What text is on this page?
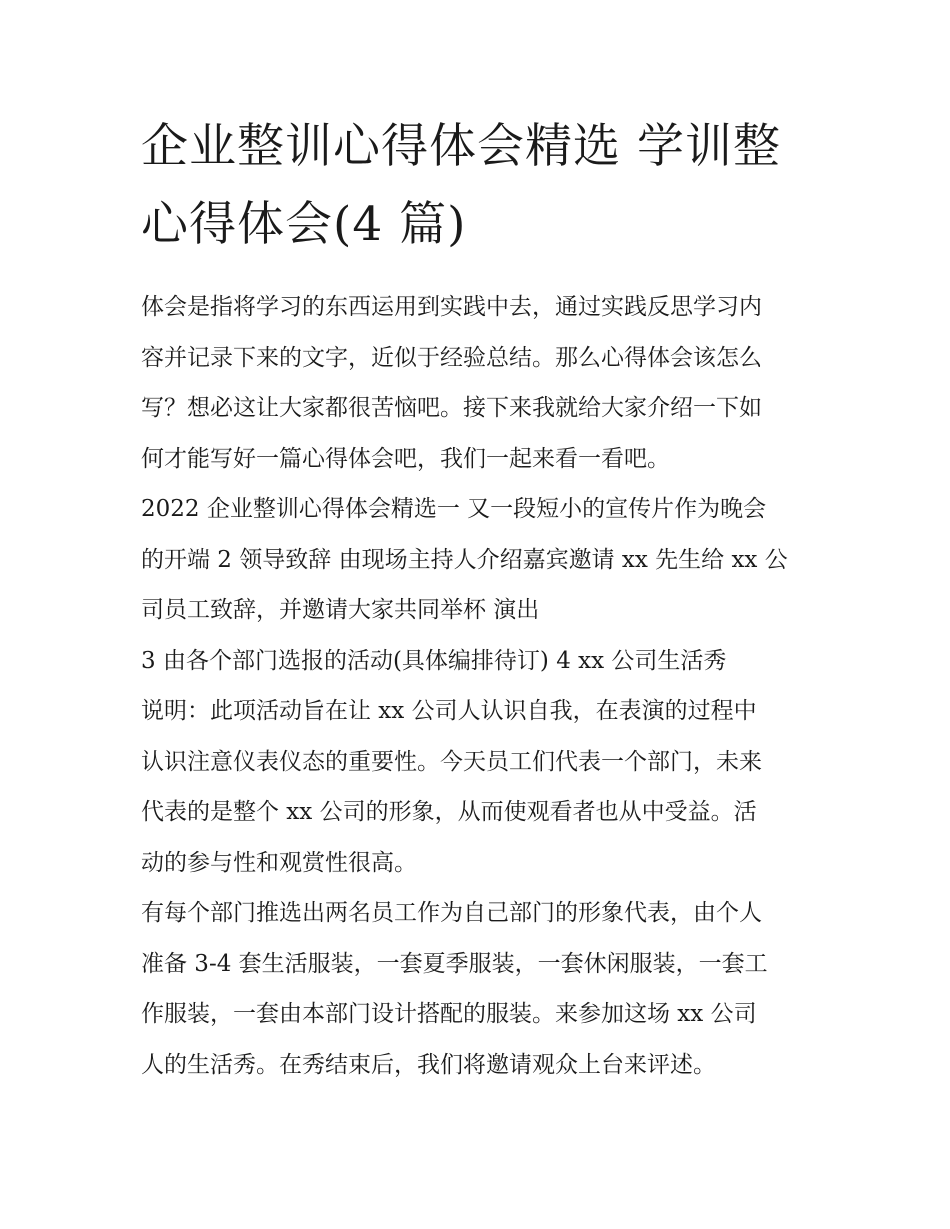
企业整训心得体会精选 学训整
心得体会(4 篇)

体会是指将学习的东西运用到实践中去，通过实践反思学习内
容并记录下来的文字，近似于经验总结。那么心得体会该怎么
写？想必这让大家都很苦恼吧。接下来我就给大家介绍一下如
何才能写好一篇心得体会吧，我们一起来看一看吧。

2022 企业整训心得体会精选一 又一段短小的宣传片作为晚会
的开端 2 领导致辞 由现场主持人介绍嘉宾邀请 xx 先生给 xx 公
司员工致辞，并邀请大家共同举杯 演出

3 由各个部门选报的活动(具体编排待订) 4 xx 公司生活秀

说明：此项活动旨在让 xx 公司人认识自我，在表演的过程中
认识注意仪表仪态的重要性。今天员工们代表一个部门，未来
代表的是整个 xx 公司的形象，从而使观看者也从中受益。活
动的参与性和观赏性很高。

有每个部门推选出两名员工作为自己部门的形象代表，由个人
准备 3-4 套生活服装，一套夏季服装，一套休闲服装，一套工
作服装，一套由本部门设计搭配的服装。来参加这场 xx 公司
人的生活秀。在秀结束后，我们将邀请观众上台来评述。
